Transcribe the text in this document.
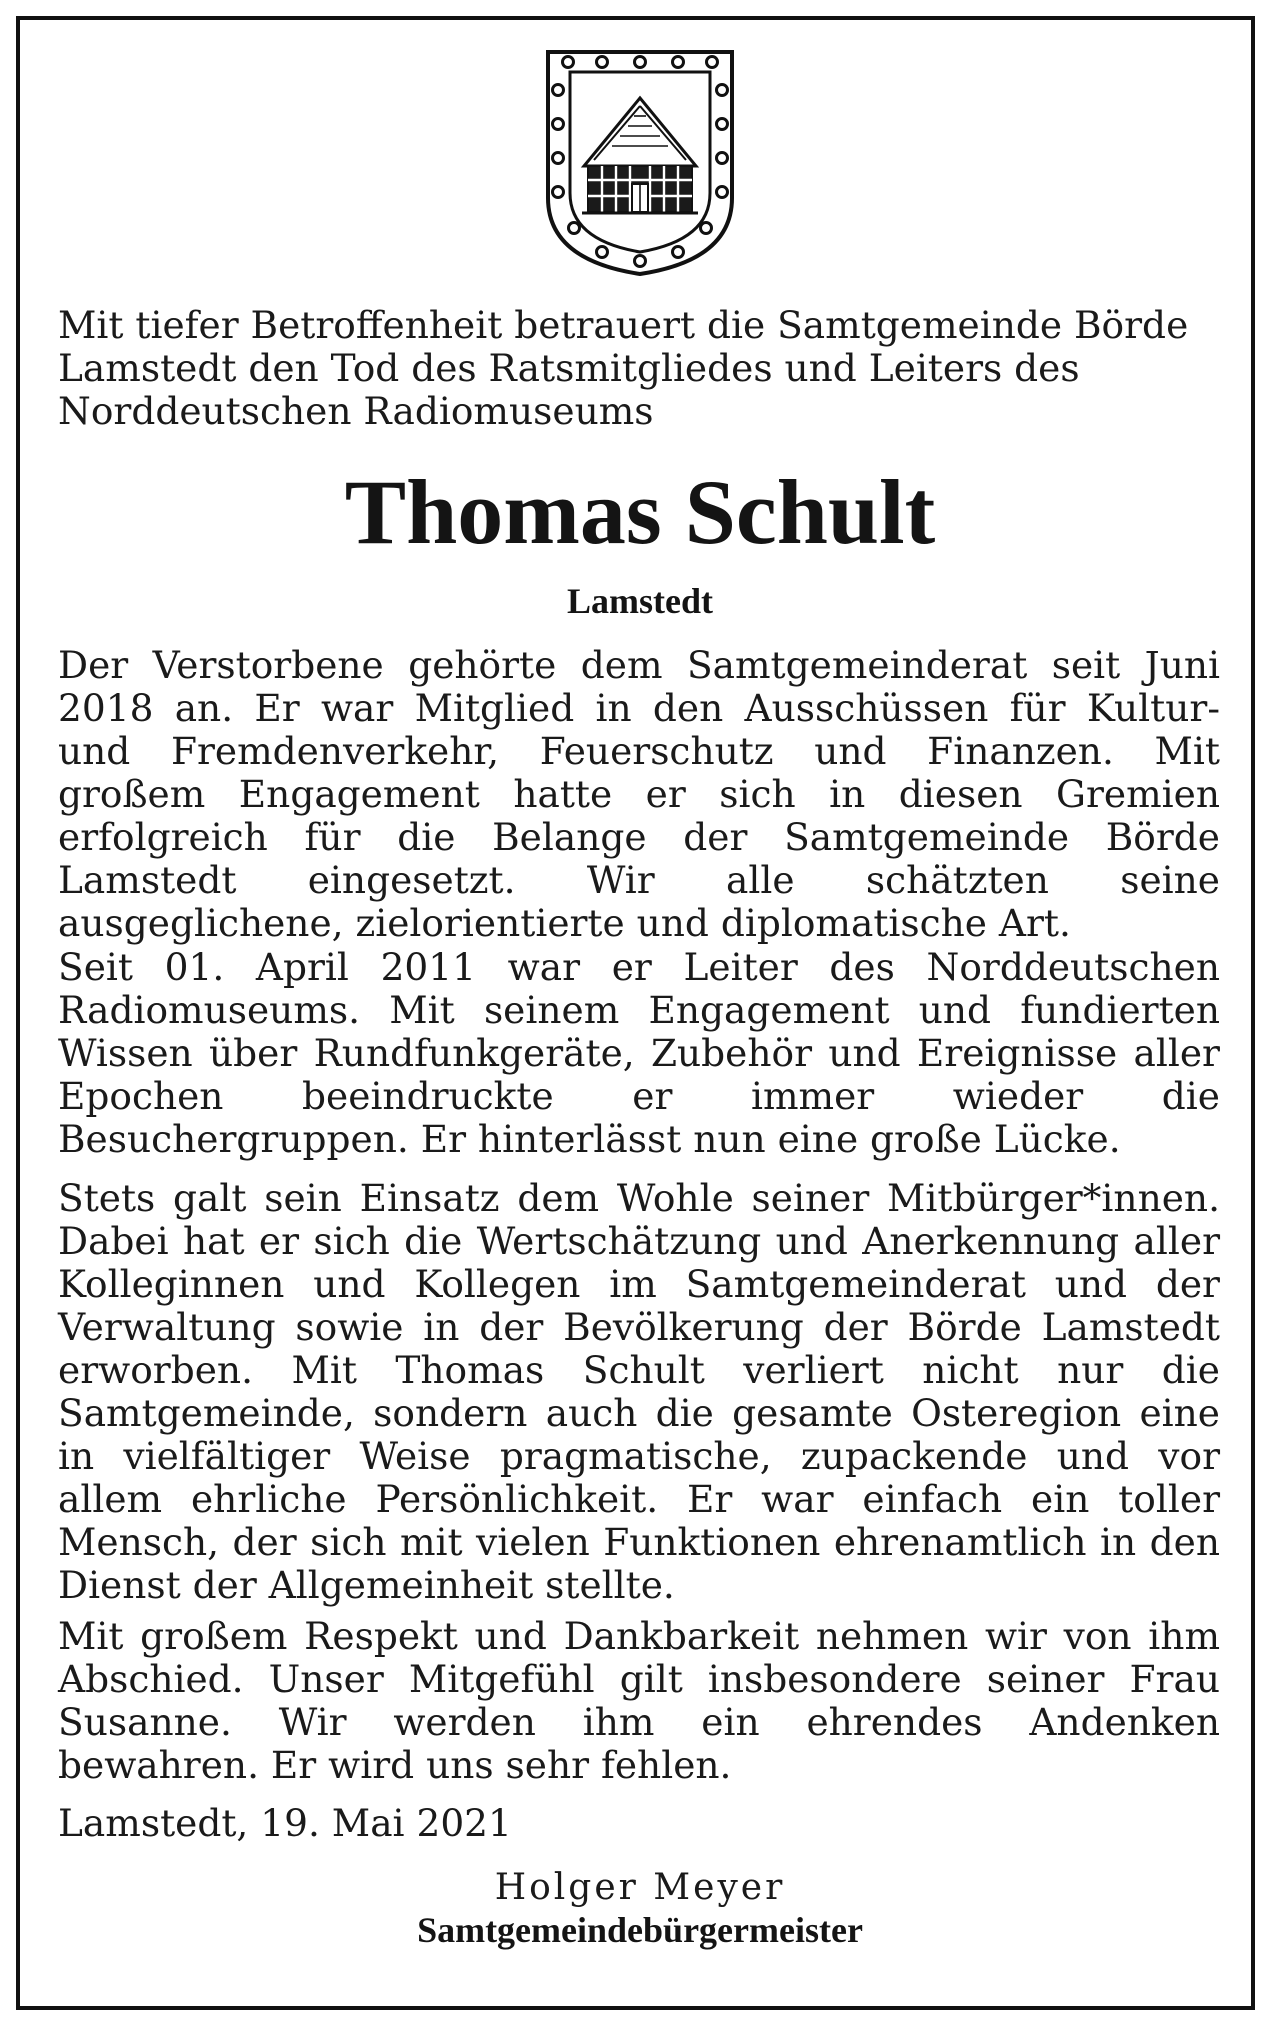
Mit tiefer Betroffenheit betrauert die Samtgemeinde Börde Lamstedt den Tod des Ratsmitgliedes und Leiters des Norddeutschen Radiomuseums
Thomas Schult
Lamstedt
Der Verstorbene gehörte dem Samtgemeinderat seit Juni 2018 an. Er war Mitglied in den Ausschüssen für Kultur- und Fremdenverkehr, Feuerschutz und Finanzen. Mit großem Engagement hatte er sich in diesen Gremien erfolgreich für die Belange der Samtgemeinde Börde Lamstedt eingesetzt. Wir alle schätzten seine ausgeglichene, zielorientierte und diplomatische Art.
Seit 01. April 2011 war er Leiter des Norddeutschen Radiomuseums. Mit seinem Engagement und fundierten Wissen über Rundfunkgeräte, Zubehör und Ereignisse aller Epochen beeindruckte er immer wieder die Besuchergruppen. Er hinterlässt nun eine große Lücke.
Stets galt sein Einsatz dem Wohle seiner Mitbürger*innen. Dabei hat er sich die Wertschätzung und Anerkennung aller Kolleginnen und Kollegen im Samtgemeinderat und der Verwaltung sowie in der Bevölkerung der Börde Lamstedt erworben. Mit Thomas Schult verliert nicht nur die Samtgemeinde, sondern auch die gesamte Osteregion eine in vielfältiger Weise pragmatische, zupackende und vor allem ehrliche Persönlichkeit. Er war einfach ein toller Mensch, der sich mit vielen Funktionen ehrenamtlich in den Dienst der Allgemeinheit stellte.
Mit großem Respekt und Dankbarkeit nehmen wir von ihm Abschied. Unser Mitgefühl gilt insbesondere seiner Frau Susanne. Wir werden ihm ein ehrendes Andenken bewahren. Er wird uns sehr fehlen.
Lamstedt, 19. Mai 2021
Holger Meyer
Samtgemeindebürgermeister
